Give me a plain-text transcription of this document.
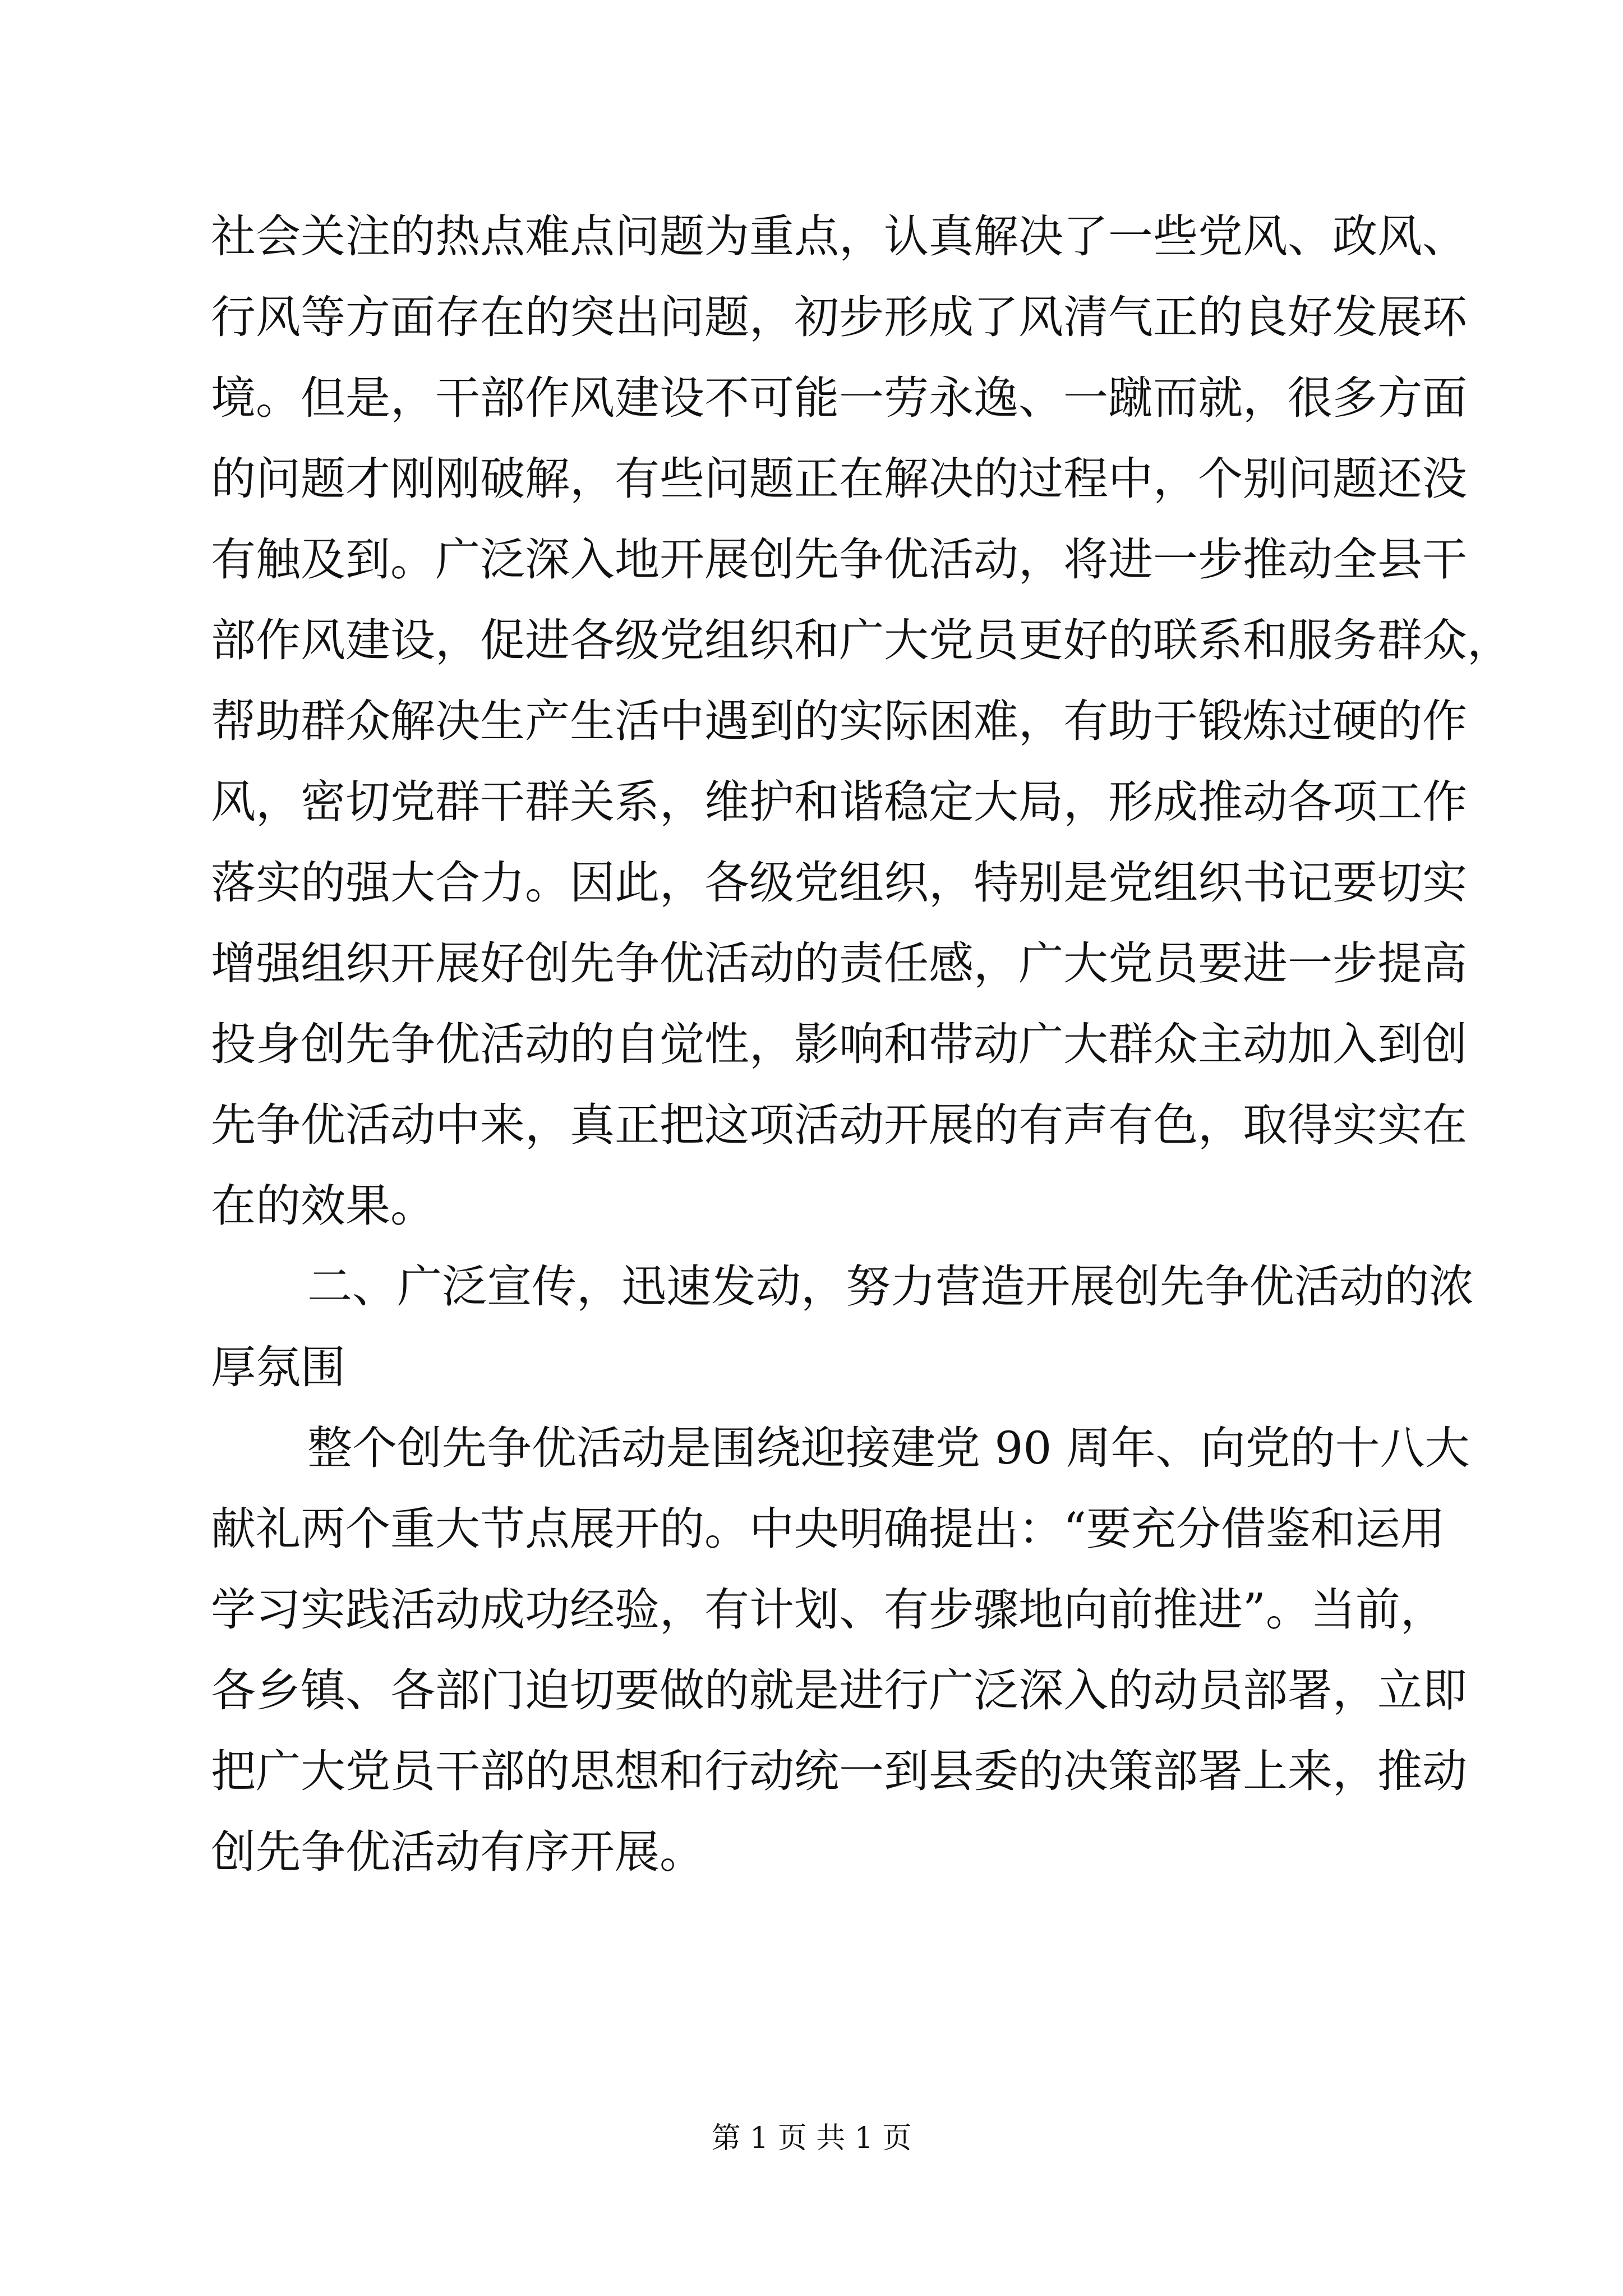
社会关注的热点难点问题为重点，认真解决了一些党风、政风、
行风等方面存在的突出问题，初步形成了风清气正的良好发展环
境。但是，干部作风建设不可能一劳永逸、一蹴而就，很多方面
的问题才刚刚破解，有些问题正在解决的过程中，个别问题还没
有触及到。广泛深入地开展创先争优活动，将进一步推动全县干
部作风建设，促进各级党组织和广大党员更好的联系和服务群众，
帮助群众解决生产生活中遇到的实际困难，有助于锻炼过硬的作
风，密切党群干群关系，维护和谐稳定大局，形成推动各项工作
落实的强大合力。因此，各级党组织，特别是党组织书记要切实
增强组织开展好创先争优活动的责任感，广大党员要进一步提高
投身创先争优活动的自觉性，影响和带动广大群众主动加入到创
先争优活动中来，真正把这项活动开展的有声有色，取得实实在
在的效果。
二、广泛宣传，迅速发动，努力营造开展创先争优活动的浓
厚氛围
整个创先争优活动是围绕迎接建党 90 周年、向党的十八大
献礼两个重大节点展开的。中央明确提出：“要充分借鉴和运用
学习实践活动成功经验，有计划、有步骤地向前推进”。当前，
各乡镇、各部门迫切要做的就是进行广泛深入的动员部署，立即
把广大党员干部的思想和行动统一到县委的决策部署上来，推动
创先争优活动有序开展。
第 1 页 共 1 页
